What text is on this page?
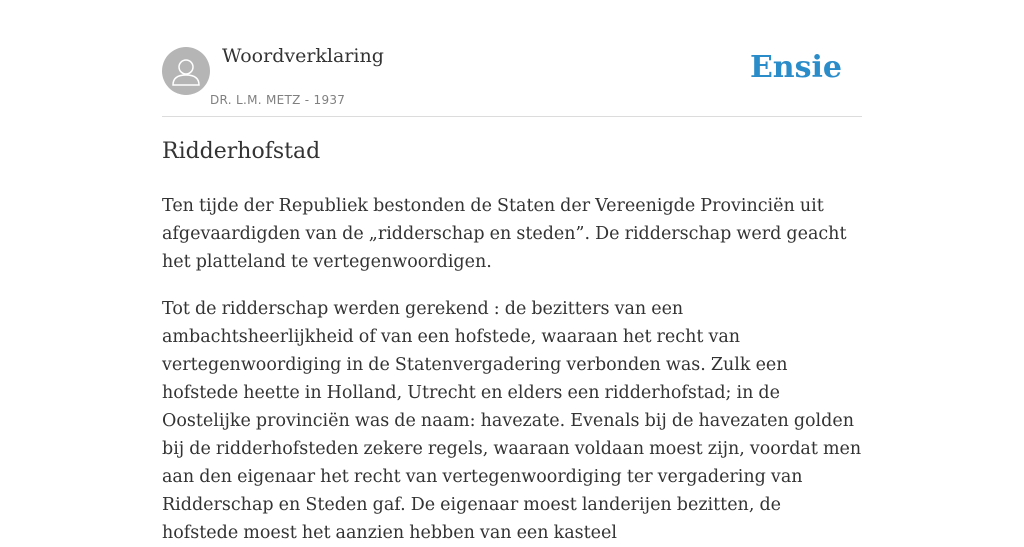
Woordverklaring
DR. L.M. METZ - 1937
Ensie
Ridderhofstad

Ten tijde der Republiek bestonden de Staten der Vereenigde Provinciën uit afgevaardigden van de „ridderschap en steden”. De ridderschap werd geacht het platteland te vertegenwoordigen.

Tot de ridderschap werden gerekend : de bezitters van een ambachtsheerlijkheid of van een hofstede, waaraan het recht van vertegenwoordiging in de Statenvergadering verbonden was. Zulk een hofstede heette in Holland, Utrecht en elders een ridderhofstad; in de Oostelijke provinciën was de naam: havezate. Evenals bij de havezaten golden bij de ridderhofsteden zekere regels, waaraan voldaan moest zijn, voordat men aan den eigenaar het recht van vertegenwoordiging ter vergadering van Ridderschap en Steden gaf. De eigenaar moest landerijen bezitten, de hofstede moest het aanzien hebben van een kasteel
